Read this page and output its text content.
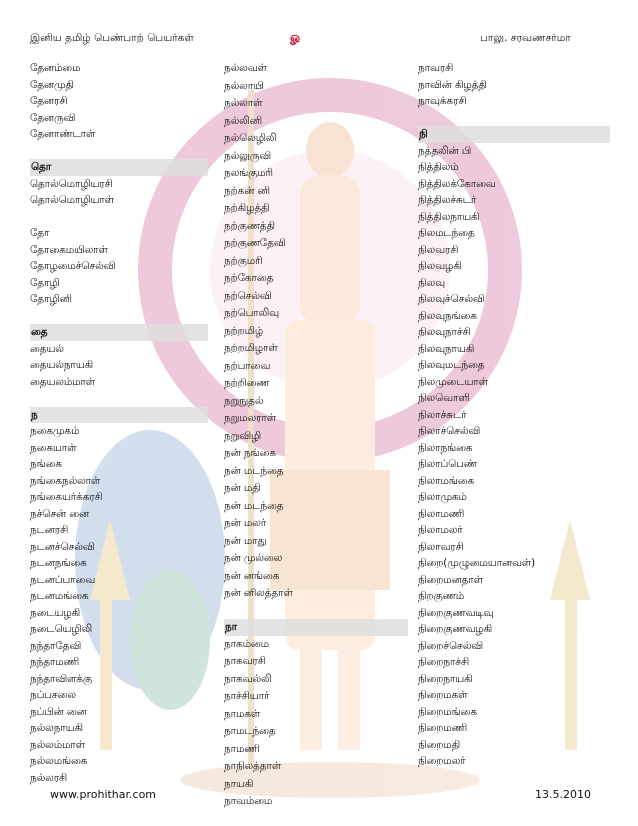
இனிய தமிழ் பெண்பாற் பெயர்கள்	ௐ	பாலு. சரவணசர்மா
தேனம்மை
தேனமுதி
தேனரசி
தேனருவி
தேனாண்டாள்
தொ
தொல்மொழியரசி
தொல்மொழியாள்
தோ
தோகைமயிலாள்
தோழமைச்செல்வி
தோழி
தோழினி
தை
தையல்
தையல்நாயகி
தையலம்மாள்
ந
நகைமுகம்
நகையாள்
நங்கை
நங்கைநல்லாள்
நங்கையர்க்கரசி
நச்சென் னை
நடனரசி
நடனச்செல்வி
நடனநங்கை
நடனப்பாவை
நடனமங்கை
நடையழகி
நடையெழிலி
நந்தாதேவி
நந்தாமணி
நந்தாவிளக்கு
நப்பசலை
நப்பின் னை
நல்லநாயகி
நல்லம்மாள்
நல்லமங்கை
நல்லரசி
நல்லவள்
நல்லாயி
நல்லாள்
நல்லினி
நல்லெழிலி
நல்லுருவி
நலங்குமரி
நற்கன் னி
நற்கிழத்தி
நற்குணத்தி
நற்குணதேவி
நற்குமரி
நற்கோதை
நற்செல்வி
நற்பொலிவு
நற்றமிழ்
நற்றமிழாள்
நற்பாவை
நற்றிணை
நறுநுதல்
நறுமலராள்
நறுவிழி
நன் நங்கை
நன் மடந்தை
நன் மதி
நன் மடந்தை
நன் மலர்
நன் மாது
நன் முல்லை
நன் னங்கை
நன் னிலத்தாள்
நா
நாகம்மை
நாகவரசி
நாகவல்லி
நாச்சியார்
நாமகள்
நாமடந்தை
நாமணி
நாநிலத்தாள்
நாயகி
நாவம்மை
நாவரசி
நாவின் கிழத்தி
நாவுக்கரசி
நி
நத்தலின் பி
நித்திலம்
நித்திலக்கோவை
நித்திலச்சுடர்
நித்திலநாயகி
நிலமடந்தை
நிலவரசி
நிலவழகி
நிலவு
நிலவுச்செல்வி
நிலவுநங்கை
நிலவுநாச்சி
நிலவுநாயகி
நிலவுமடந்தை
நிலமுடையாள்
நிலவொளி
நிலாச்சுடர்
நிலாச்செல்வி
நிலாநங்கை
நிலாப்பெண்
நிலாமங்கை
நிலாமுகம்
நிலாமணி
நிலாமலர்
நிலாவரசி
நிறை(முழுமையானவள்)
நிறைமனதாள்
நிறகுணம்
நிறைகுணவடிவு
நிறைகுணவழகி
நிறைச்செல்வி
நிறைநாச்சி
நிறைநாயகி
நிறைமகள்
நிறைமங்கை
நிறைமணி
நிறைமதி
நிறைமலர்
www.prohithar.com	13.5.2010
